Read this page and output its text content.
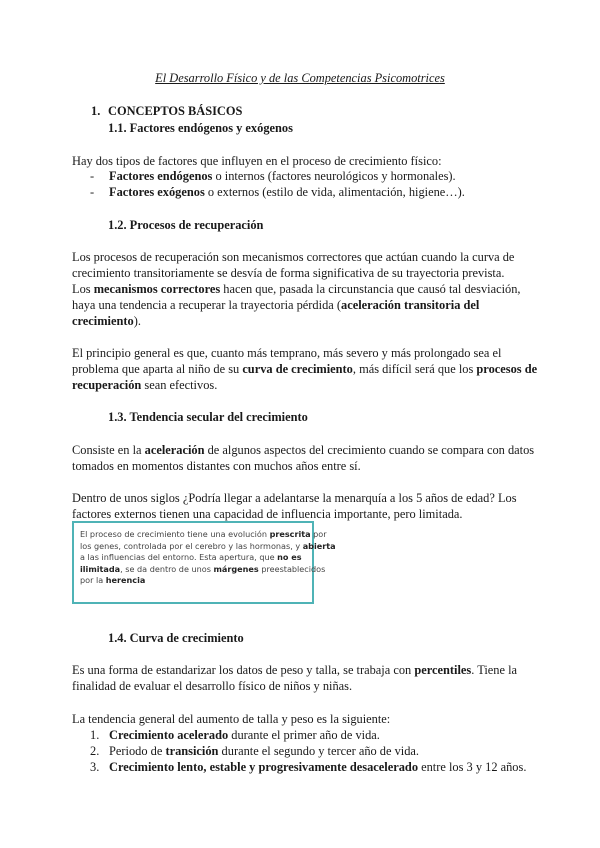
El Desarrollo Físico y de las Competencias Psicomotrices
1. CONCEPTOS BÁSICOS
1.1. Factores endógenos y exógenos
Hay dos tipos de factores que influyen en el proceso de crecimiento físico:
- Factores endógenos o internos (factores neurológicos y hormonales).
- Factores exógenos o externos (estilo de vida, alimentación, higiene…).
1.2. Procesos de recuperación
Los procesos de recuperación son mecanismos correctores que actúan cuando la curva de
crecimiento transitoriamente se desvía de forma significativa de su trayectoria prevista.
Los mecanismos correctores hacen que, pasada la circunstancia que causó tal desviación,
haya una tendencia a recuperar la trayectoria pérdida (aceleración transitoria del
crecimiento).
El principio general es que, cuanto más temprano, más severo y más prolongado sea el
problema que aparta al niño de su curva de crecimiento, más difícil será que los procesos de
recuperación sean efectivos.
1.3. Tendencia secular del crecimiento
Consiste en la aceleración de algunos aspectos del crecimiento cuando se compara con datos
tomados en momentos distantes con muchos años entre sí.
Dentro de unos siglos ¿Podría llegar a adelantarse la menarquía a los 5 años de edad? Los
factores externos tienen una capacidad de influencia importante, pero limitada.
El proceso de crecimiento tiene una evolución prescrita por
los genes, controlada por el cerebro y las hormonas, y abierta
a las influencias del entorno. Esta apertura, que no es
ilimitada, se da dentro de unos márgenes preestablecidos
por la herencia
1.4. Curva de crecimiento
Es una forma de estandarizar los datos de peso y talla, se trabaja con percentiles. Tiene la
finalidad de evaluar el desarrollo físico de niños y niñas.
La tendencia general del aumento de talla y peso es la siguiente:
1. Crecimiento acelerado durante el primer año de vida.
2. Periodo de transición durante el segundo y tercer año de vida.
3. Crecimiento lento, estable y progresivamente desacelerado entre los 3 y 12 años.
